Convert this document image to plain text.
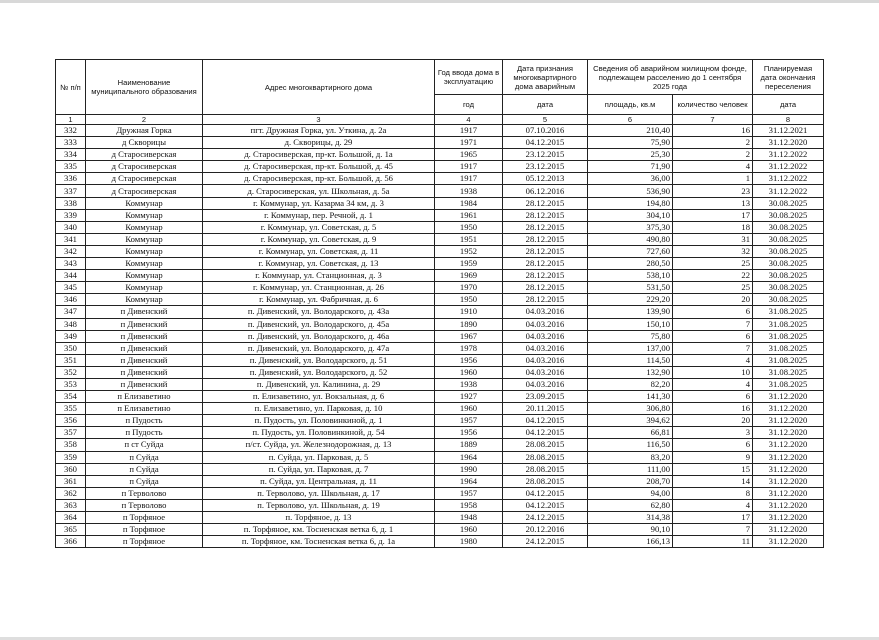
№ п/п	Наименование муниципального образования	Адрес многоквартирного дома	Год ввода дома в эксплуатацию	Дата признания многоквартирного дома аварийным	Сведения об аварийном жилищном фонде, подлежащем расселению до 1 сентября 2025 года		Планируемая дата окончания переселения
			год	дата	площадь, кв.м	количество человек	дата
1	2	3	4	5	6	7	8
332	Дружная Горка	пгт. Дружная Горка, ул. Уткина, д. 2а	1917	07.10.2016	210,40	16	31.12.2021
333	д Скворицы	д. Скворицы, д. 29	1971	04.12.2015	75,90	2	31.12.2020
334	д Старосиверская	д. Старосиверская, пр-кт. Большой, д. 1а	1965	23.12.2015	25,30	2	31.12.2022
335	д Старосиверская	д. Старосиверская, пр-кт. Большой, д. 45	1917	23.12.2015	71,90	4	31.12.2022
336	д Старосиверская	д. Старосиверская, пр-кт. Большой, д. 56	1917	05.12.2013	36,00	1	31.12.2022
337	д Старосиверская	д. Старосиверская, ул. Школьная, д. 5а	1938	06.12.2016	536,90	23	31.12.2022
338	Коммунар	г. Коммунар, ул. Казарма 34 км, д. 3	1984	28.12.2015	194,80	13	30.08.2025
339	Коммунар	г. Коммунар, пер. Речной, д. 1	1961	28.12.2015	304,10	17	30.08.2025
340	Коммунар	г. Коммунар, ул. Советская, д. 5	1950	28.12.2015	375,30	18	30.08.2025
341	Коммунар	г. Коммунар, ул. Советская, д. 9	1951	28.12.2015	490,80	31	30.08.2025
342	Коммунар	г. Коммунар, ул. Советская, д. 11	1952	28.12.2015	727,60	32	30.08.2025
343	Коммунар	г. Коммунар, ул. Советская, д. 13	1959	28.12.2015	280,50	25	30.08.2025
344	Коммунар	г. Коммунар, ул. Станционная, д. 3	1969	28.12.2015	538,10	22	30.08.2025
345	Коммунар	г. Коммунар, ул. Станционная, д. 26	1970	28.12.2015	531,50	25	30.08.2025
346	Коммунар	г. Коммунар, ул. Фабричная, д. 6	1950	28.12.2015	229,20	20	30.08.2025
347	п Дивенский	п. Дивенский, ул. Володарского, д. 43а	1910	04.03.2016	139,90	6	31.08.2025
348	п Дивенский	п. Дивенский, ул. Володарского, д. 45а	1890	04.03.2016	150,10	7	31.08.2025
349	п Дивенский	п. Дивенский, ул. Володарского, д. 46а	1967	04.03.2016	75,80	6	31.08.2025
350	п Дивенский	п. Дивенский, ул. Володарского, д. 47а	1978	04.03.2016	137,00	7	31.08.2025
351	п Дивенский	п. Дивенский, ул. Володарского, д. 51	1956	04.03.2016	114,50	4	31.08.2025
352	п Дивенский	п. Дивенский, ул. Володарского, д. 52	1960	04.03.2016	132,90	10	31.08.2025
353	п Дивенский	п. Дивенский, ул. Калинина, д. 29	1938	04.03.2016	82,20	4	31.08.2025
354	п Елизаветино	п. Елизаветино, ул. Вокзальная, д. 6	1927	23.09.2015	141,30	6	31.12.2020
355	п Елизаветино	п. Елизаветино, ул. Парковая, д. 10	1960	20.11.2015	306,80	16	31.12.2020
356	п Пудость	п. Пудость, ул. Половинкиной, д. 1	1957	04.12.2015	394,62	20	31.12.2020
357	п Пудость	п. Пудость, ул. Половинкиной, д. 54	1956	04.12.2015	66,81	3	31.12.2020
358	п ст Суйда	п/ст. Суйда, ул. Железнодорожная, д. 13	1889	28.08.2015	116,50	6	31.12.2020
359	п Суйда	п. Суйда, ул. Парковая, д. 5	1964	28.08.2015	83,20	9	31.12.2020
360	п Суйда	п. Суйда, ул. Парковая, д. 7	1990	28.08.2015	111,00	15	31.12.2020
361	п Суйда	п. Суйда, ул. Центральная, д. 11	1964	28.08.2015	208,70	14	31.12.2020
362	п Терволово	п. Терволово, ул. Школьная, д. 17	1957	04.12.2015	94,00	8	31.12.2020
363	п Терволово	п. Терволово, ул. Школьная, д. 19	1958	04.12.2015	62,80	4	31.12.2020
364	п Торфяное	п. Торфяное, д. 13	1948	24.12.2015	314,38	17	31.12.2020
365	п Торфяное	п. Торфяное, км. Тосненская ветка 6, д. 1	1960	20.12.2016	90,10	7	31.12.2020
366	п Торфяное	п. Торфяное, км. Тосненская ветка 6, д. 1а	1980	24.12.2015	166,13	11	31.12.2020
